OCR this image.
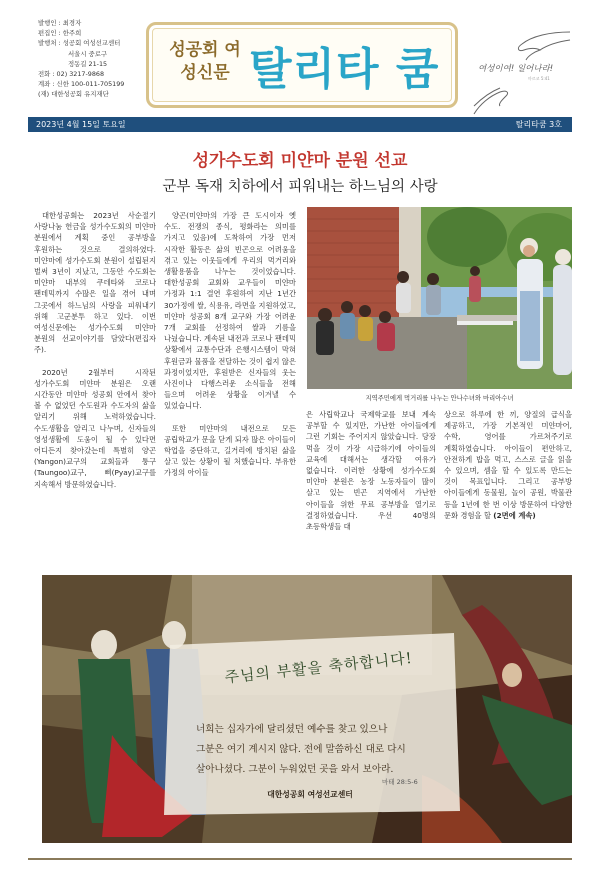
발행인 : 최경자
편집인 : 한주희
발행처 : 성공회 여성선교센터
서울시 중로구
정동길 21-15
전화 : 02) 3217-9868
계좌 : 신한 100-011-705199
(재) 대한성공회 유지재단
성공회 여성신문 탈리타 쿰	여성이여! 일어나라!
마르코 5:41
2023년 4월 15일 토요일	탈리타쿰 3호
성가수도회 미얀마 분원 선교
군부 독재 치하에서 피워내는 하느님의 사랑

대한성공회는 2023년 사순절기 사랑나눔 헌금을 성가수도회의 미얀마 분원에서 계획 중인 공부방을 후원하는 것으로 결의하였다. 미얀마에 성가수도회 분원이 설립된지 벌써 3년이 지났고, 그동안 수도회는 미얀마 내부의 쿠데타와 코로나 팬데믹까지 수많은 일을 겪어 내며 그곳에서 하느님의 사랑을 피워내기 위해 고군분투 하고 있다. 이번 여성신문에는 성가수도회 미얀마 분원의 선교이야기를 담았다(편집자 주).

2020년 2월부터 시작된 성가수도회 미얀마 분원은 오랜 시간동안 미얀마 성공회 안에서 찾아 볼 수 없었던 수도원과 수도자의 삶을 알리기 위해 노력하였습니다. 수도생활을 알리고 나누며, 신자들의 영성생활에 도움이 될 수 있다면 어디든지 찾아갔는데 특별히 양곤(Yangon)교구의 교회들과 퉁구(Taungoo)교구, 삐(Pyay)교구를 지속해서 방문하였습니다.

양곤(미얀마의 가장 큰 도시이자 옛 수도. 전쟁의 종식, 평화라는 의미를 가지고 있음)에 도착하여 가장 먼저 시작한 활동은 삶의 빈곤으로 어려움을 겪고 있는 이웃들에게 우리의 먹거리와 생활용품을 나누는 것이었습니다. 대한성공회 교회와 교우들이 미얀마 가정과 1:1 결연 후원하여 지난 1년간 30가정에 쌀, 식용유, 라면을 지원하였고, 미얀마 성공회 8개 교구와 가장 어려운 7개 교회를 선정하여 쌀과 기름을 나눴습니다. 계속된 내전과 코로나 팬데믹 상황에서 교통수단과 은행시스템이 막혀 후원금과 물품을 전달하는 것이 쉽지 않은 과정이었지만, 후원받은 신자들의 웃는 사진이나 다행스러운 소식들을 전해 들으며 어려운 상황을 이겨낼 수 있었습니다.

또한 미얀마의 내전으로 모든 공립학교가 문을 닫게 되자 많은 아이들이 학업을 중단하고, 길거리에 방치된 삶을 살고 있는 상황이 될 처했습니다. 부유한 가정의 아이들

은 사립학교나 국제학교를 보내 계속 공부할 수 있지만, 가난한 아이들에게 그런 기회는 주어지지 않았습니다. 당장 먹을 것이 가장 시급하기에 아이들의 교육에 대해서는 생각할 여유가 없습니다. 이러한 상황에 성가수도회 미얀마 분원은 농장 노동자들이 많이 살고 있는 빈곤 지역에서 가난한 아이들을 위한 무료 공부방을 열기로 결정하였습니다. 우선 40명의 초등학생들 대

상으로 하루에 한 끼, 양질의 급식을 제공하고, 가장 기본적인 미얀마어, 수학, 영어를 가르쳐주기로 계획하였습니다. 아이들이 편안하고, 안전하게 밥을 먹고, 스스로 글을 읽을 수 있으며, 셈을 할 수 있도록 만드는 것이 목표입니다. 그리고 공부방 아이들에게 동물원, 놀이 공원, 박물관 등을 1년에 한 번 이상 방문하여 다양한 문화 경험을 할 (2면에 계속)

지역주민에게 먹거리를 나누는 안나수녀와 마리아수녀
주님의 부활을 축하합니다!
너희는 십자가에 달리셨던 예수를 찾고 있으나
그분은 여기 계시지 않다. 전에 말씀하신 대로 다시
살아나셨다. 그분이 누워었던 곳을 와서 보아라.
마태 28:5-6
대한성공회 여성선교센터
